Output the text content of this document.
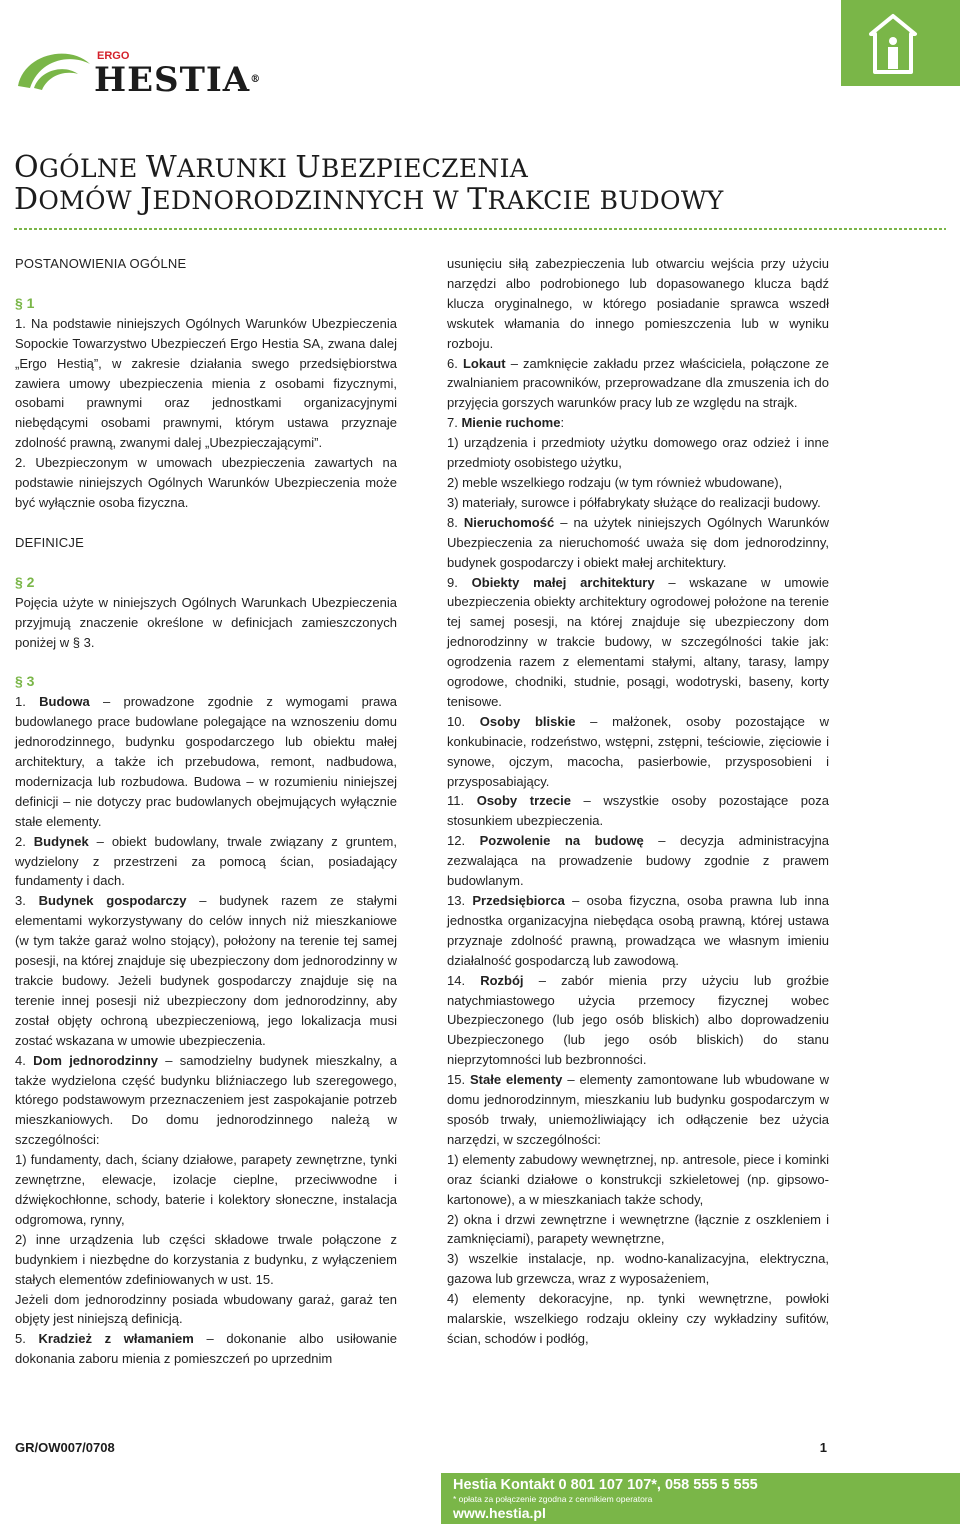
ERGO
HESTIA®
OGÓLNE WARUNKI UBEZPIECZENIA
DOMÓW JEDNORODZINNYCH W TRAKCIE BUDOWY

POSTANOWIENIA OGÓLNE

§ 1

1. Na podstawie niniejszych Ogólnych Warunków Ubezpieczenia Sopockie Towarzystwo Ubezpieczeń Ergo Hestia SA, zwana dalej „Ergo Hestią”, w zakresie działania swego przedsiębiorstwa zawiera umowy ubezpieczenia mienia z osobami fizycznymi, osobami prawnymi oraz jednostkami organizacyjnymi niebędącymi osobami prawnymi, którym ustawa przyznaje zdolność prawną, zwanymi dalej „Ubezpieczającymi”.

2. Ubezpieczonym w umowach ubezpieczenia zawartych na podstawie niniejszych Ogólnych Warunków Ubezpieczenia może być wyłącznie osoba fizyczna.

DEFINICJE

§ 2

Pojęcia użyte w niniejszych Ogólnych Warunkach Ubezpieczenia przyjmują znaczenie określone w definicjach zamieszczonych poniżej w § 3.

§ 3

1. Budowa – prowadzone zgodnie z wymogami prawa budowlanego prace budowlane polegające na wznoszeniu domu jednorodzinnego, budynku gospodarczego lub obiektu małej architektury, a także ich przebudowa, remont, nadbudowa, modernizacja lub rozbudowa. Budowa – w rozumieniu niniejszej definicji – nie dotyczy prac budowlanych obejmujących wyłącznie stałe elementy.

2. Budynek – obiekt budowlany, trwale związany z gruntem, wydzielony z przestrzeni za pomocą ścian, posiadający fundamenty i dach.

3. Budynek gospodarczy – budynek razem ze stałymi elementami wykorzystywany do celów innych niż mieszkaniowe (w tym także garaż wolno stojący), położony na terenie tej samej posesji, na której znajduje się ubezpieczony dom jednorodzinny w trakcie budowy. Jeżeli budynek gospodarczy znajduje się na terenie innej posesji niż ubezpieczony dom jednorodzinny, aby został objęty ochroną ubezpieczeniową, jego lokalizacja musi zostać wskazana w umowie ubezpieczenia.

4. Dom jednorodzinny – samodzielny budynek mieszkalny, a także wydzielona część budynku bliźniaczego lub szeregowego, którego podstawowym przeznaczeniem jest zaspokajanie potrzeb mieszkaniowych. Do domu jednorodzinnego należą w szczególności:

1) fundamenty, dach, ściany działowe, parapety zewnętrzne, tynki zewnętrzne, elewacje, izolacje cieplne, przeciwwodne i dźwiękochłonne, schody, baterie i kolektory słoneczne, instalacja odgromowa, rynny,

2) inne urządzenia lub części składowe trwale połączone z budynkiem i niezbędne do korzystania z budynku, z wyłączeniem stałych elementów zdefiniowanych w ust. 15.

Jeżeli dom jednorodzinny posiada wbudowany garaż, garaż ten objęty jest niniejszą definicją.

5. Kradzież z włamaniem – dokonanie albo usiłowanie dokonania zaboru mienia z pomieszczeń po uprzednim

usunięciu siłą zabezpieczenia lub otwarciu wejścia przy użyciu narzędzi albo podrobionego lub dopasowanego klucza bądź klucza oryginalnego, w którego posiadanie sprawca wszedł wskutek włamania do innego pomieszczenia lub w wyniku rozboju.

6. Lokaut – zamknięcie zakładu przez właściciela, połączone ze zwalnianiem pracowników, przeprowadzane dla zmuszenia ich do przyjęcia gorszych warunków pracy lub ze względu na strajk.

7. Mienie ruchome:

1) urządzenia i przedmioty użytku domowego oraz odzież i inne przedmioty osobistego użytku,

2) meble wszelkiego rodzaju (w tym również wbudowane),

3) materiały, surowce i półfabrykaty służące do realizacji budowy.

8. Nieruchomość – na użytek niniejszych Ogólnych Warunków Ubezpieczenia za nieruchomość uważa się dom jednorodzinny, budynek gospodarczy i obiekt małej architektury.

9. Obiekty małej architektury – wskazane w umowie ubezpieczenia obiekty architektury ogrodowej położone na terenie tej samej posesji, na której znajduje się ubezpieczony dom jednorodzinny w trakcie budowy, w szczególności takie jak: ogrodzenia razem z elementami stałymi, altany, tarasy, lampy ogrodowe, chodniki, studnie, posągi, wodotryski, baseny, korty tenisowe.

10. Osoby bliskie – małżonek, osoby pozostające w konkubinacie, rodzeństwo, wstępni, zstępni, teściowie, zięciowie i synowe, ojczym, macocha, pasierbowie, przysposobieni i przysposabiający.

11. Osoby trzecie – wszystkie osoby pozostające poza stosunkiem ubezpieczenia.

12. Pozwolenie na budowę – decyzja administracyjna zezwalająca na prowadzenie budowy zgodnie z prawem budowlanym.

13. Przedsiębiorca – osoba fizyczna, osoba prawna lub inna jednostka organizacyjna niebędąca osobą prawną, której ustawa przyznaje zdolność prawną, prowadząca we własnym imieniu działalność gospodarczą lub zawodową.

14. Rozbój – zabór mienia przy użyciu lub groźbie natychmiastowego użycia przemocy fizycznej wobec Ubezpieczonego (lub jego osób bliskich) albo doprowadzeniu Ubezpieczonego (lub jego osób bliskich) do stanu nieprzytomności lub bezbronności.

15. Stałe elementy – elementy zamontowane lub wbudowane w domu jednorodzinnym, mieszkaniu lub budynku gospodarczym w sposób trwały, uniemożliwiający ich odłączenie bez użycia narzędzi, w szczególności:

1) elementy zabudowy wewnętrznej, np. antresole, piece i kominki oraz ścianki działowe o konstrukcji szkieletowej (np. gipsowo-kartonowe), a w mieszkaniach także schody,

2) okna i drzwi zewnętrzne i wewnętrzne (łącznie z oszkleniem i zamknięciami), parapety wewnętrzne,

3) wszelkie instalacje, np. wodno-kanalizacyjna, elektryczna, gazowa lub grzewcza, wraz z wyposażeniem,

4) elementy dekoracyjne, np. tynki wewnętrzne, powłoki malarskie, wszelkiego rodzaju okleiny czy wykładziny sufitów, ścian, schodów i podłóg,

GR/OW007/0708	1
Hestia Kontakt 0 801 107 107*, 058 555 5 555
* opłata za połączenie zgodna z cennikiem operatora
www.hestia.pl
